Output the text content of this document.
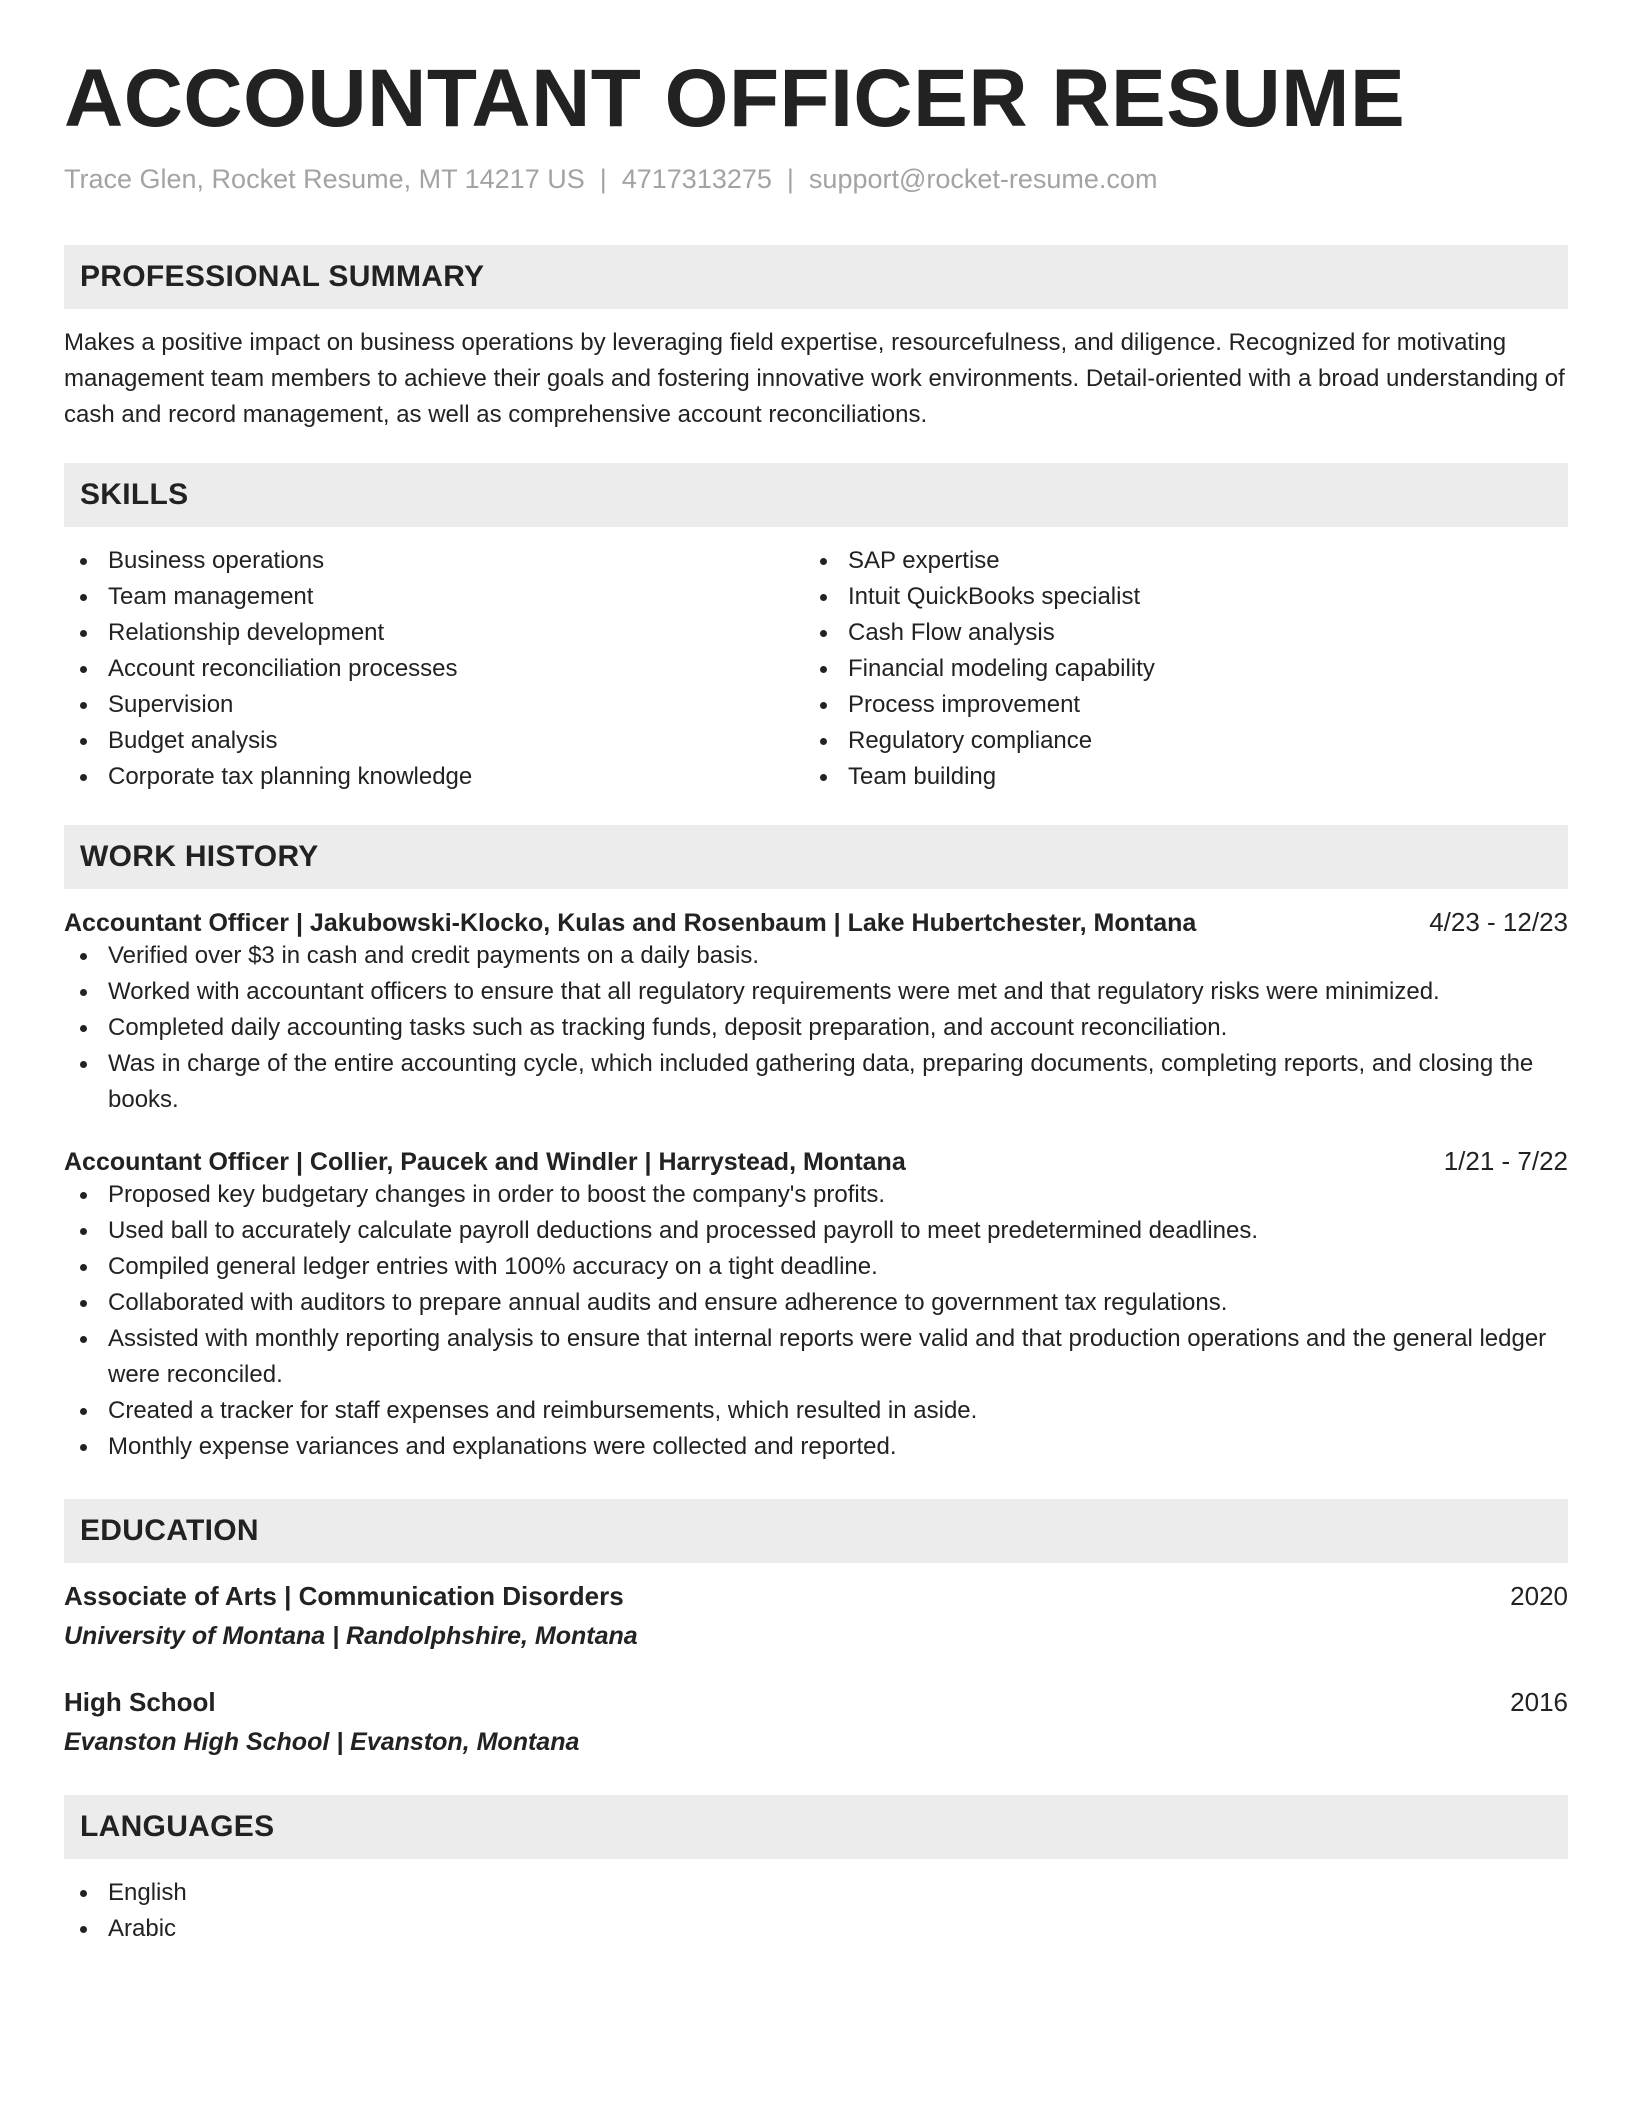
ACCOUNTANT OFFICER RESUME
Trace Glen, Rocket Resume, MT 14217 US | 4717313275 | support@rocket-resume.com
PROFESSIONAL SUMMARY

Makes a positive impact on business operations by leveraging field expertise, resourcefulness, and diligence. Recognized for motivating management team members to achieve their goals and fostering innovative work environments. Detail-oriented with a broad understanding of cash and record management, as well as comprehensive account reconciliations.

SKILLS
Business operations
Team management
Relationship development
Account reconciliation processes
Supervision
Budget analysis
Corporate tax planning knowledge
SAP expertise
Intuit QuickBooks specialist
Cash Flow analysis
Financial modeling capability
Process improvement
Regulatory compliance
Team building
WORK HISTORY
Accountant Officer | Jakubowski-Klocko, Kulas and Rosenbaum | Lake Hubertchester, Montana	4/23 - 12/23
Verified over $3 in cash and credit payments on a daily basis.
Worked with accountant officers to ensure that all regulatory requirements were met and that regulatory risks were minimized.
Completed daily accounting tasks such as tracking funds, deposit preparation, and account reconciliation.
Was in charge of the entire accounting cycle, which included gathering data, preparing documents, completing reports, and closing the books.
Accountant Officer | Collier, Paucek and Windler | Harrystead, Montana	1/21 - 7/22
Proposed key budgetary changes in order to boost the company's profits.
Used ball to accurately calculate payroll deductions and processed payroll to meet predetermined deadlines.
Compiled general ledger entries with 100% accuracy on a tight deadline.
Collaborated with auditors to prepare annual audits and ensure adherence to government tax regulations.
Assisted with monthly reporting analysis to ensure that internal reports were valid and that production operations and the general ledger were reconciled.
Created a tracker for staff expenses and reimbursements, which resulted in aside.
Monthly expense variances and explanations were collected and reported.
EDUCATION
Associate of Arts | Communication Disorders	2020
University of Montana | Randolphshire, Montana
High School	2016
Evanston High School | Evanston, Montana
LANGUAGES
English
Arabic
